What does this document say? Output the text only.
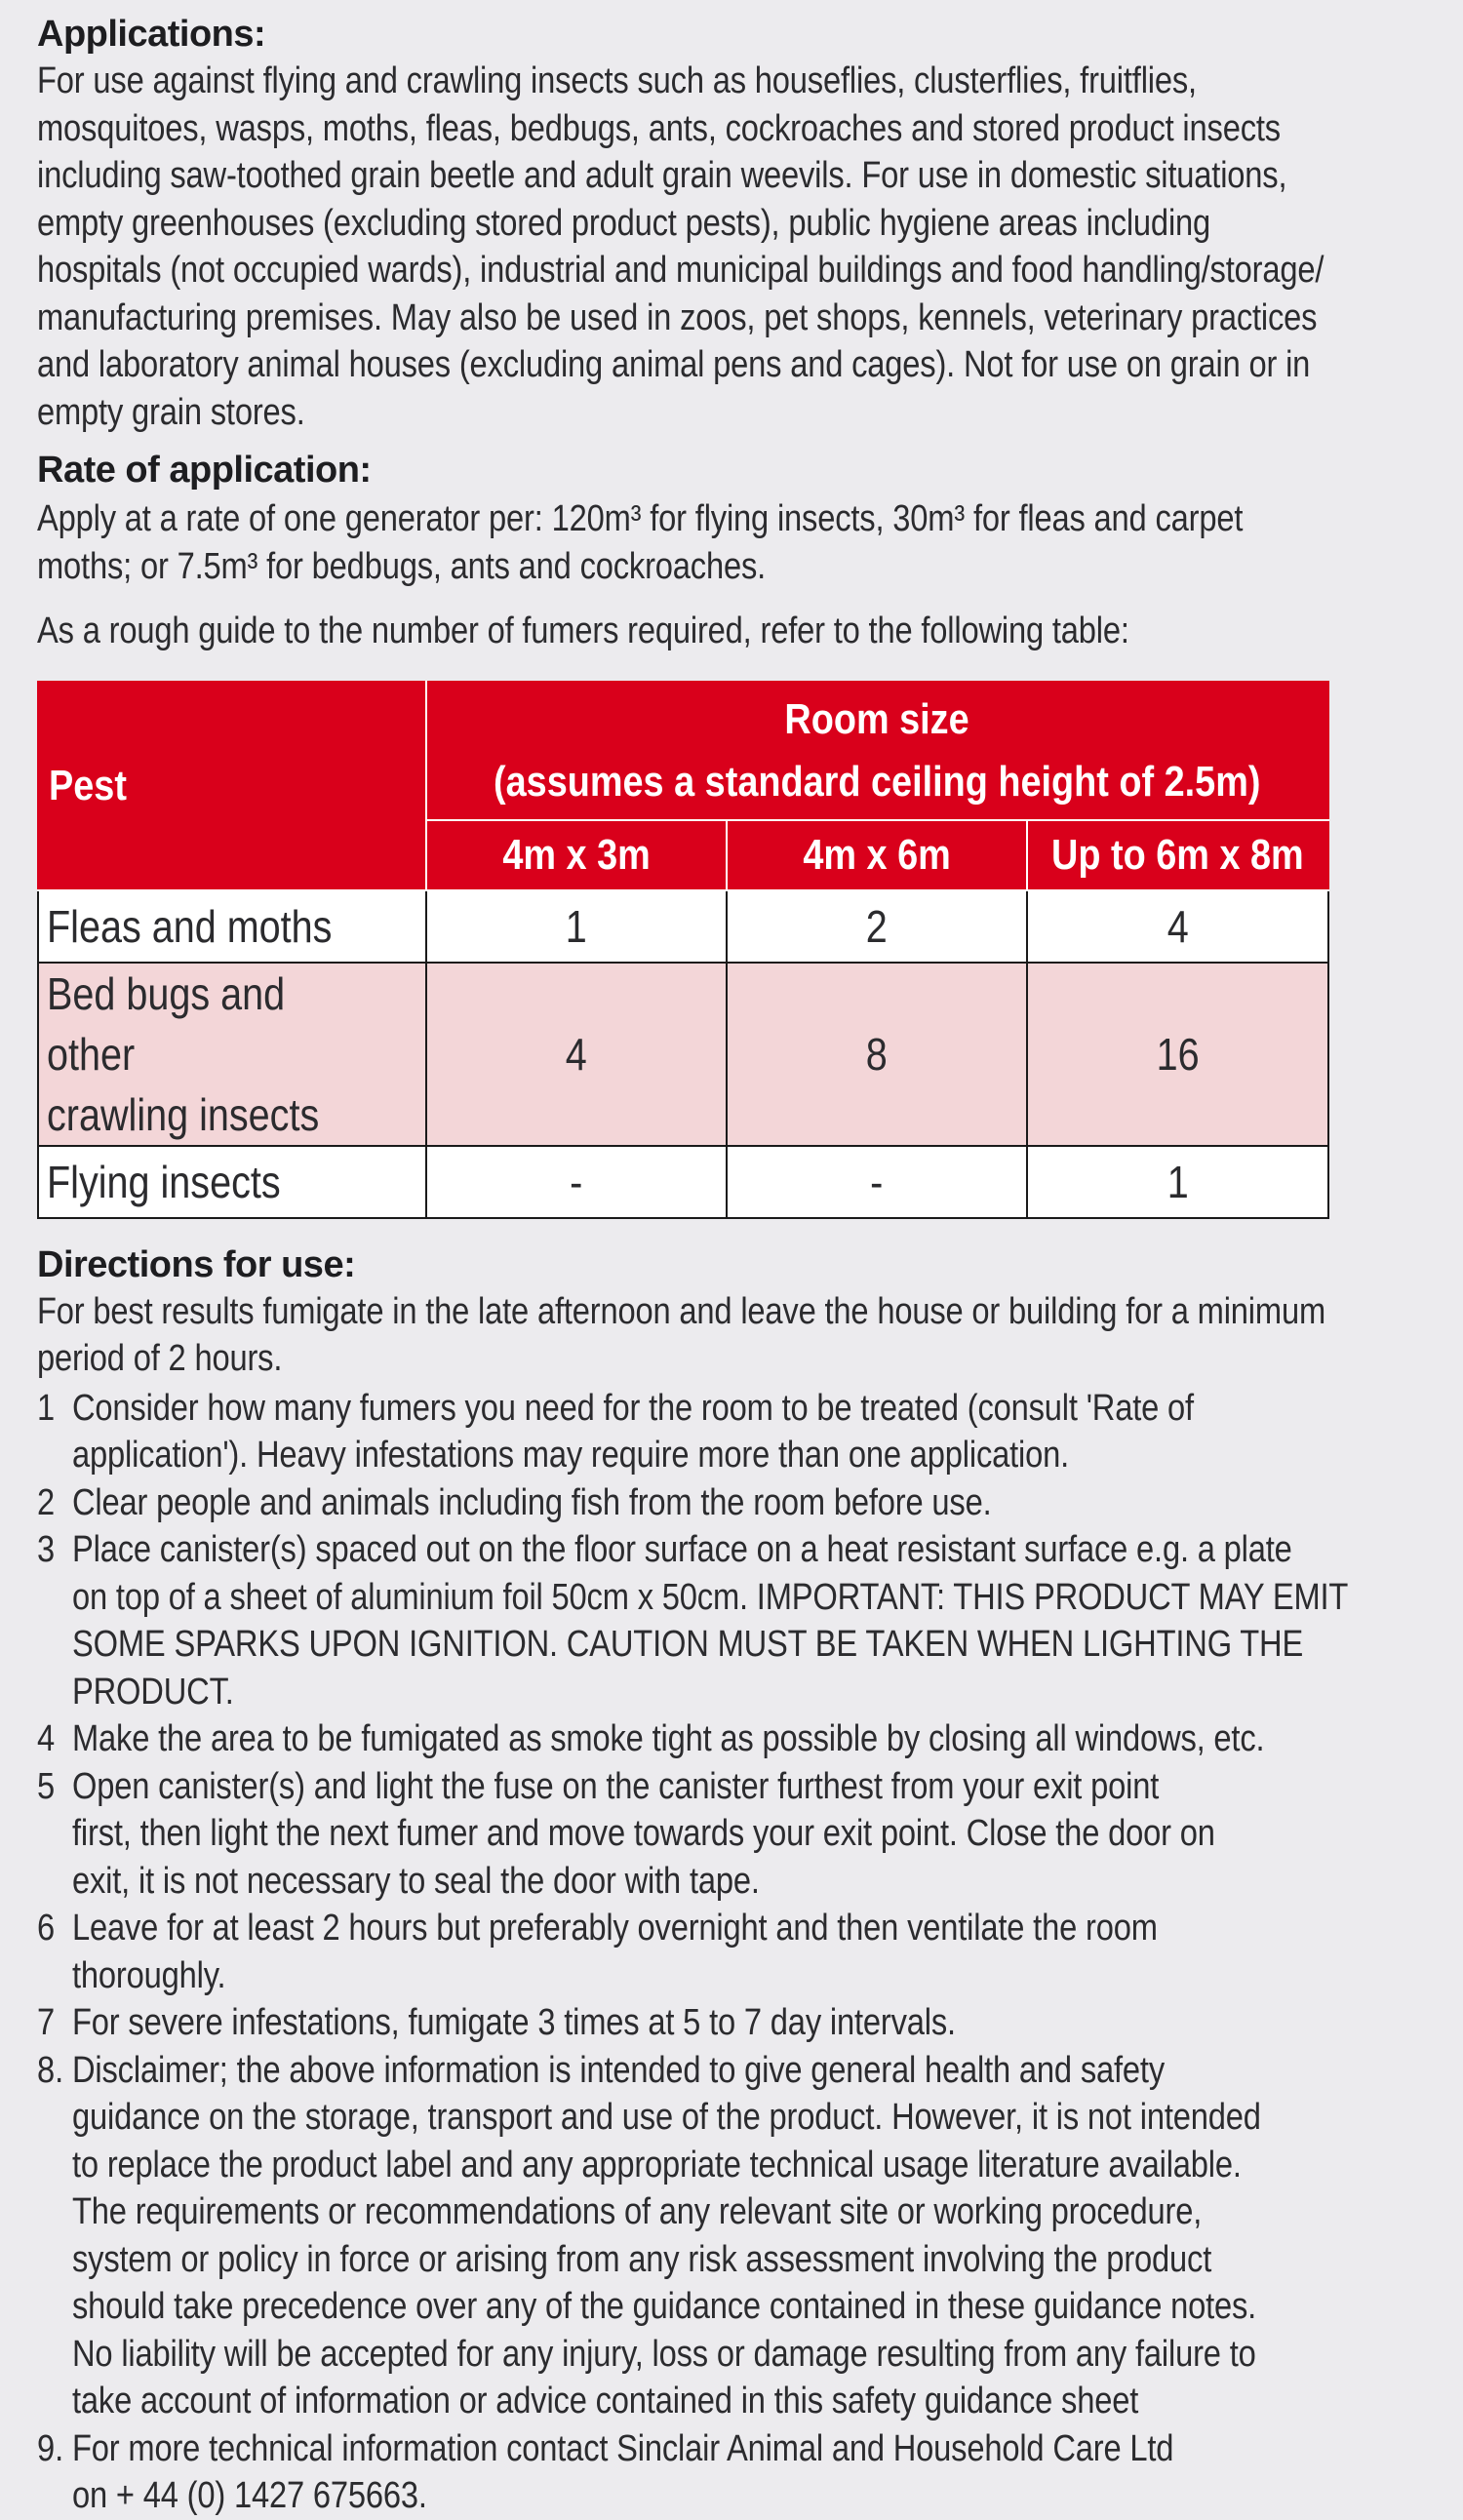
Applications:
For use against flying and crawling insects such as houseflies, clusterflies, fruitflies,
mosquitoes, wasps, moths, fleas, bedbugs, ants, cockroaches and stored product insects
including saw-toothed grain beetle and adult grain weevils. For use in domestic situations,
empty greenhouses (excluding stored product pests), public hygiene areas including
hospitals (not occupied wards), industrial and municipal buildings and food handling/storage/
manufacturing premises. May also be used in zoos, pet shops, kennels, veterinary practices
and laboratory animal houses (excluding animal pens and cages). Not for use on grain or in
empty grain stores.
Rate of application:
Apply at a rate of one generator per: 120m³ for flying insects, 30m³ for fleas and carpet
moths; or 7.5m³ for bedbugs, ants and cockroaches.
As a rough guide to the number of fumers required, refer to the following table:
Pest	Room size
(assumes a standard ceiling height of 2.5m)		

	4m x 3m	4m x 6m	Up to 6m x 8m
Fleas and moths	1	2	4

Bed bugs and other
crawling insects	4	8	16
Flying insects	-	-	1
Directions for use:
For best results fumigate in the late afternoon and leave the house or building for a minimum
period of 2 hours.
1 Consider how many fumers you need for the room to be treated (consult 'Rate of
application'). Heavy infestations may require more than one application.
2 Clear people and animals including fish from the room before use.
3 Place canister(s) spaced out on the floor surface on a heat resistant surface e.g. a plate
on top of a sheet of aluminium foil 50cm x 50cm. IMPORTANT: THIS PRODUCT MAY EMIT
SOME SPARKS UPON IGNITION. CAUTION MUST BE TAKEN WHEN LIGHTING THE PRODUCT.
4 Make the area to be fumigated as smoke tight as possible by closing all windows, etc.
5 Open canister(s) and light the fuse on the canister furthest from your exit point
first, then light the next fumer and move towards your exit point. Close the door on
exit, it is not necessary to seal the door with tape.
6 Leave for at least 2 hours but preferably overnight and then ventilate the room
thoroughly.
7 For severe infestations, fumigate 3 times at 5 to 7 day intervals.
8. Disclaimer; the above information is intended to give general health and safety
guidance on the storage, transport and use of the product. However, it is not intended
to replace the product label and any appropriate technical usage literature available.
The requirements or recommendations of any relevant site or working procedure,
system or policy in force or arising from any risk assessment involving the product
should take precedence over any of the guidance contained in these guidance notes.
No liability will be accepted for any injury, loss or damage resulting from any failure to
take account of information or advice contained in this safety guidance sheet
9. For more technical information contact Sinclair Animal and Household Care Ltd
on + 44 (0) 1427 675663.
